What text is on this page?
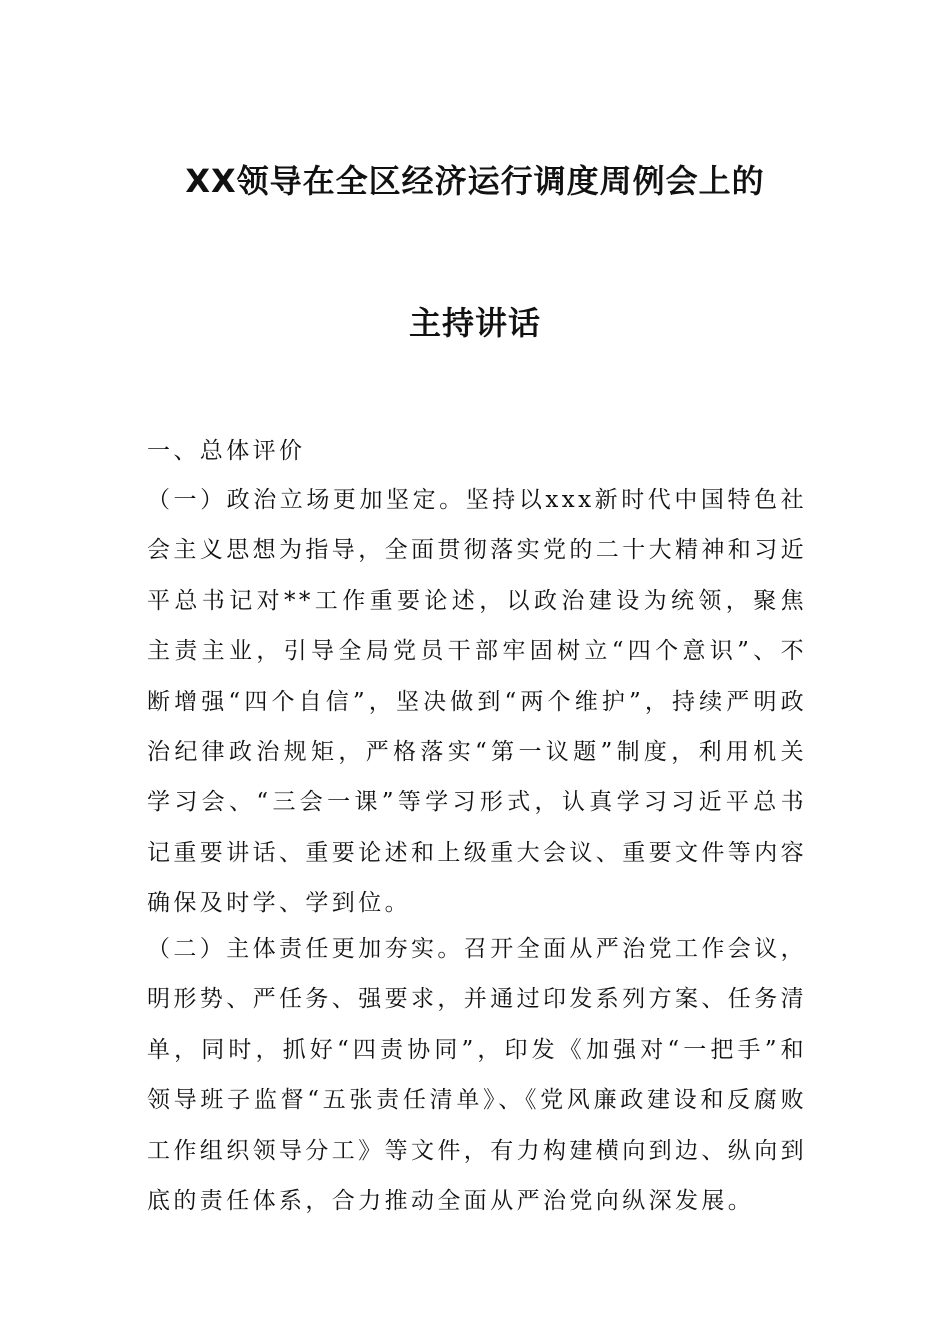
XX领导在全区经济运行调度周例会上的
主持讲话
一、总体评价
（一）政治立场更加坚定。坚持以xxx新时代中国特色社会主义思想为指导，全面贯彻落实党的二十大精神和习近平总书记对**工作重要论述，以政治建设为统领，聚焦主责主业，引导全局党员干部牢固树立“四个意识”、不断增强“四个自信”，坚决做到“两个维护”，持续严明政治纪律政治规矩，严格落实“第一议题”制度，利用机关学习会、“三会一课”等学习形式，认真学习习近平总书记重要讲话、重要论述和上级重大会议、重要文件等内容确保及时学、学到位。
（二）主体责任更加夯实。召开全面从严治党工作会议，明形势、严任务、强要求，并通过印发系列方案、任务清单，同时，抓好“四责协同”，印发《加强对“一把手”和领导班子监督“五张责任清单》、《党风廉政建设和反腐败工作组织领导分工》等文件，有力构建横向到边、纵向到底的责任体系，合力推动全面从严治党向纵深发展。
